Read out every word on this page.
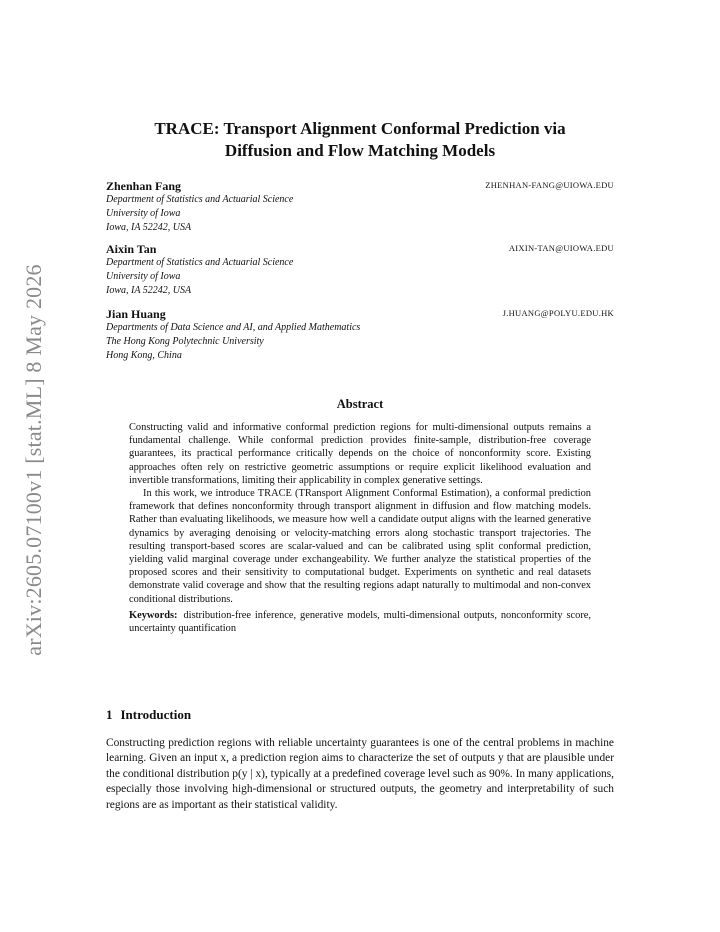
arXiv:2605.07100v1 [stat.ML] 8 May 2026
TRACE: Transport Alignment Conformal Prediction via
Diffusion and Flow Matching Models
Zhenhan Fang	ZHENHAN-FANG@UIOWA.EDU
Department of Statistics and Actuarial Science
University of Iowa
Iowa, IA 52242, USA
Aixin Tan	AIXIN-TAN@UIOWA.EDU
Department of Statistics and Actuarial Science
University of Iowa
Iowa, IA 52242, USA
Jian Huang	J.HUANG@POLYU.EDU.HK
Departments of Data Science and AI, and Applied Mathematics
The Hong Kong Polytechnic University
Hong Kong, China
Abstract

Constructing valid and informative conformal prediction regions for multi-dimensional outputs remains a fundamental challenge. While conformal prediction provides finite-sample, distribution-free coverage guarantees, its practical performance critically depends on the choice of nonconformity score. Existing approaches often rely on restrictive geometric assumptions or require explicit likelihood evaluation and invertible transformations, limiting their applicability in complex generative settings.

In this work, we introduce TRACE (TRansport Alignment Conformal Estimation), a conformal prediction framework that defines nonconformity through transport alignment in diffusion and flow matching models. Rather than evaluating likelihoods, we measure how well a candidate output aligns with the learned generative dynamics by averaging denoising or velocity-matching errors along stochastic transport trajectories. The resulting transport-based scores are scalar-valued and can be calibrated using split conformal prediction, yielding valid marginal coverage under exchangeability. We further analyze the statistical properties of the proposed scores and their sensitivity to computational budget. Experiments on synthetic and real datasets demonstrate valid coverage and show that the resulting regions adapt naturally to multimodal and non-convex conditional distributions.

Keywords: distribution-free inference, generative models, multi-dimensional outputs, nonconformity score, uncertainty quantification
1 Introduction

Constructing prediction regions with reliable uncertainty guarantees is one of the central problems in machine learning. Given an input x, a prediction region aims to characterize the set of outputs y that are plausible under the conditional distribution p(y | x), typically at a predefined coverage level such as 90%. In many applications, especially those involving high-dimensional or structured outputs, the geometry and interpretability of such regions are as important as their statistical validity.
